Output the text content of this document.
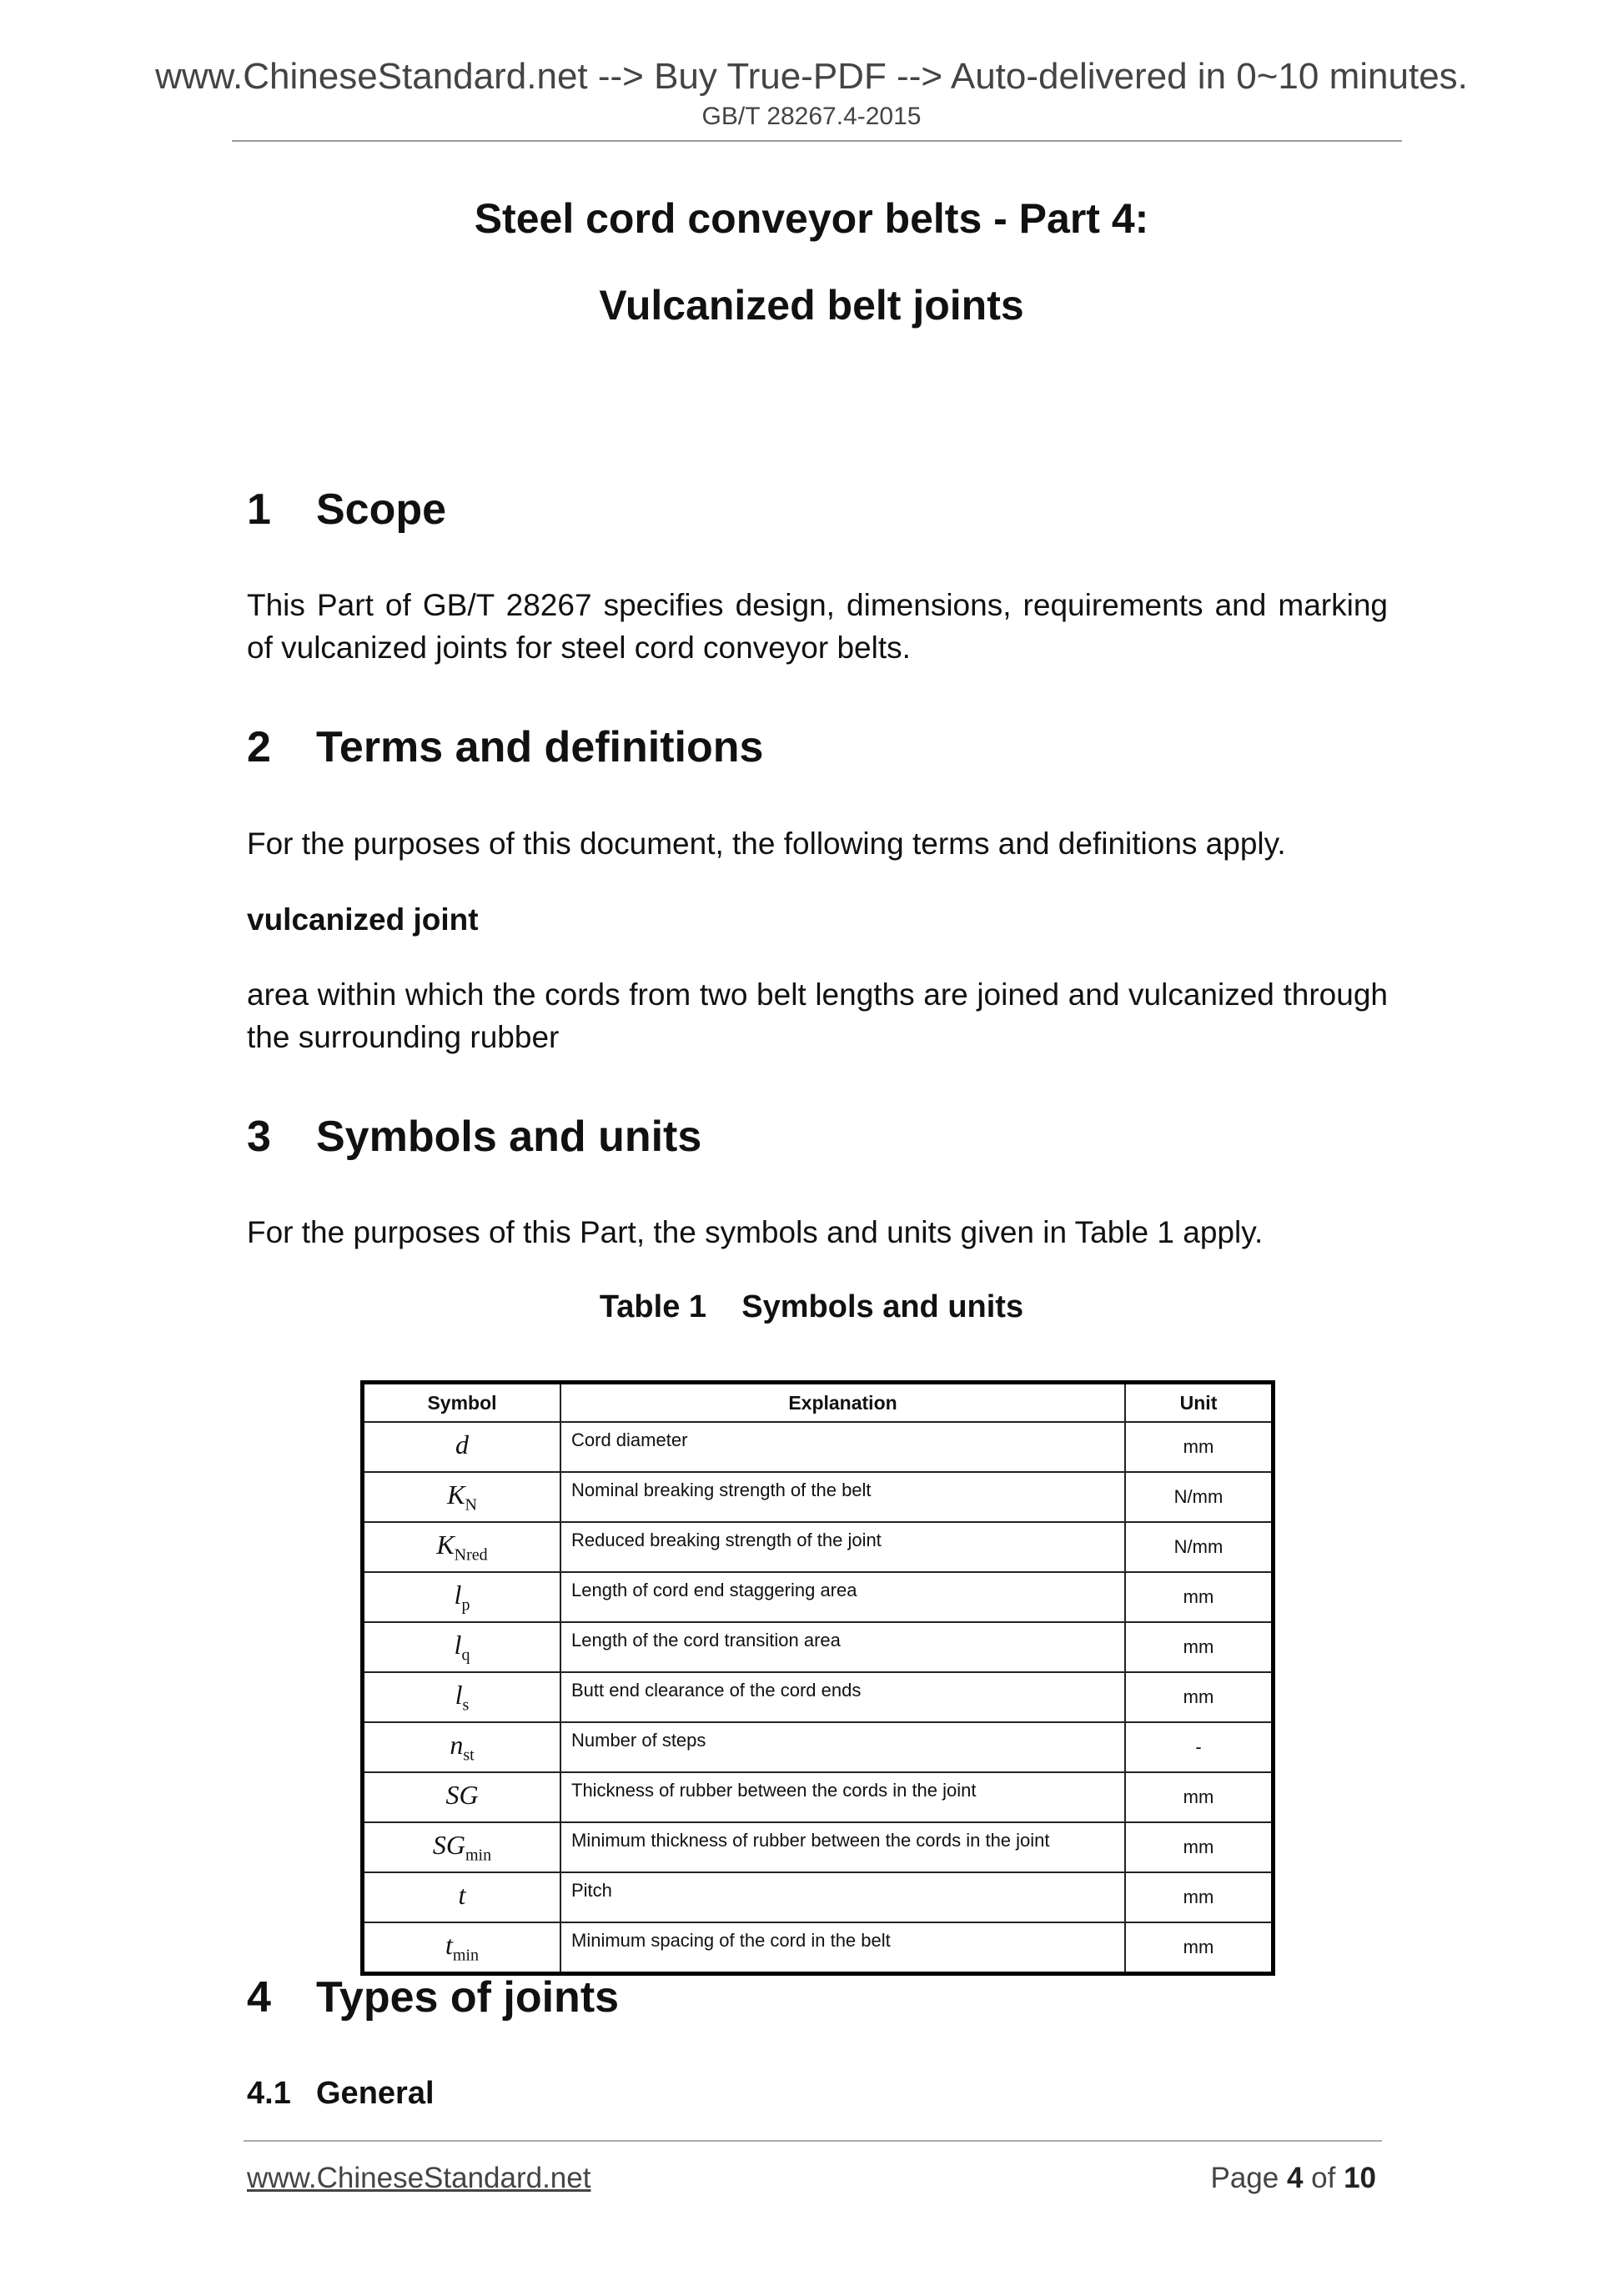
www.ChineseStandard.net --> Buy True-PDF --> Auto-delivered in 0~10 minutes.
GB/T 28267.4-2015
Steel cord conveyor belts - Part 4:
Vulcanized belt joints
1 Scope
This Part of GB/T 28267 specifies design, dimensions, requirements and marking of vulcanized joints for steel cord conveyor belts.
2 Terms and definitions
For the purposes of this document, the following terms and definitions apply.
vulcanized joint
area within which the cords from two belt lengths are joined and vulcanized through the surrounding rubber
3 Symbols and units
For the purposes of this Part, the symbols and units given in Table 1 apply.
Table 1    Symbols and units
Symbol	Explanation	Unit
d	Cord diameter	mm
$K_N$	Nominal breaking strength of the belt	N/mm
$K_{Nred}$	Reduced breaking strength of the joint	N/mm
$l_p$	Length of cord end staggering area	mm
$l_q$	Length of the cord transition area	mm
$l_s$	Butt end clearance of the cord ends	mm
$n_{st}$	Number of steps	-
SG	Thickness of rubber between the cords in the joint	mm
$SG_{min}$	Minimum thickness of rubber between the cords in the joint	mm
t	Pitch	mm
$t_{min}$	Minimum spacing of the cord in the belt	mm
4 Types of joints
4.1 General
www.ChineseStandard.net	Page 4 of 10
